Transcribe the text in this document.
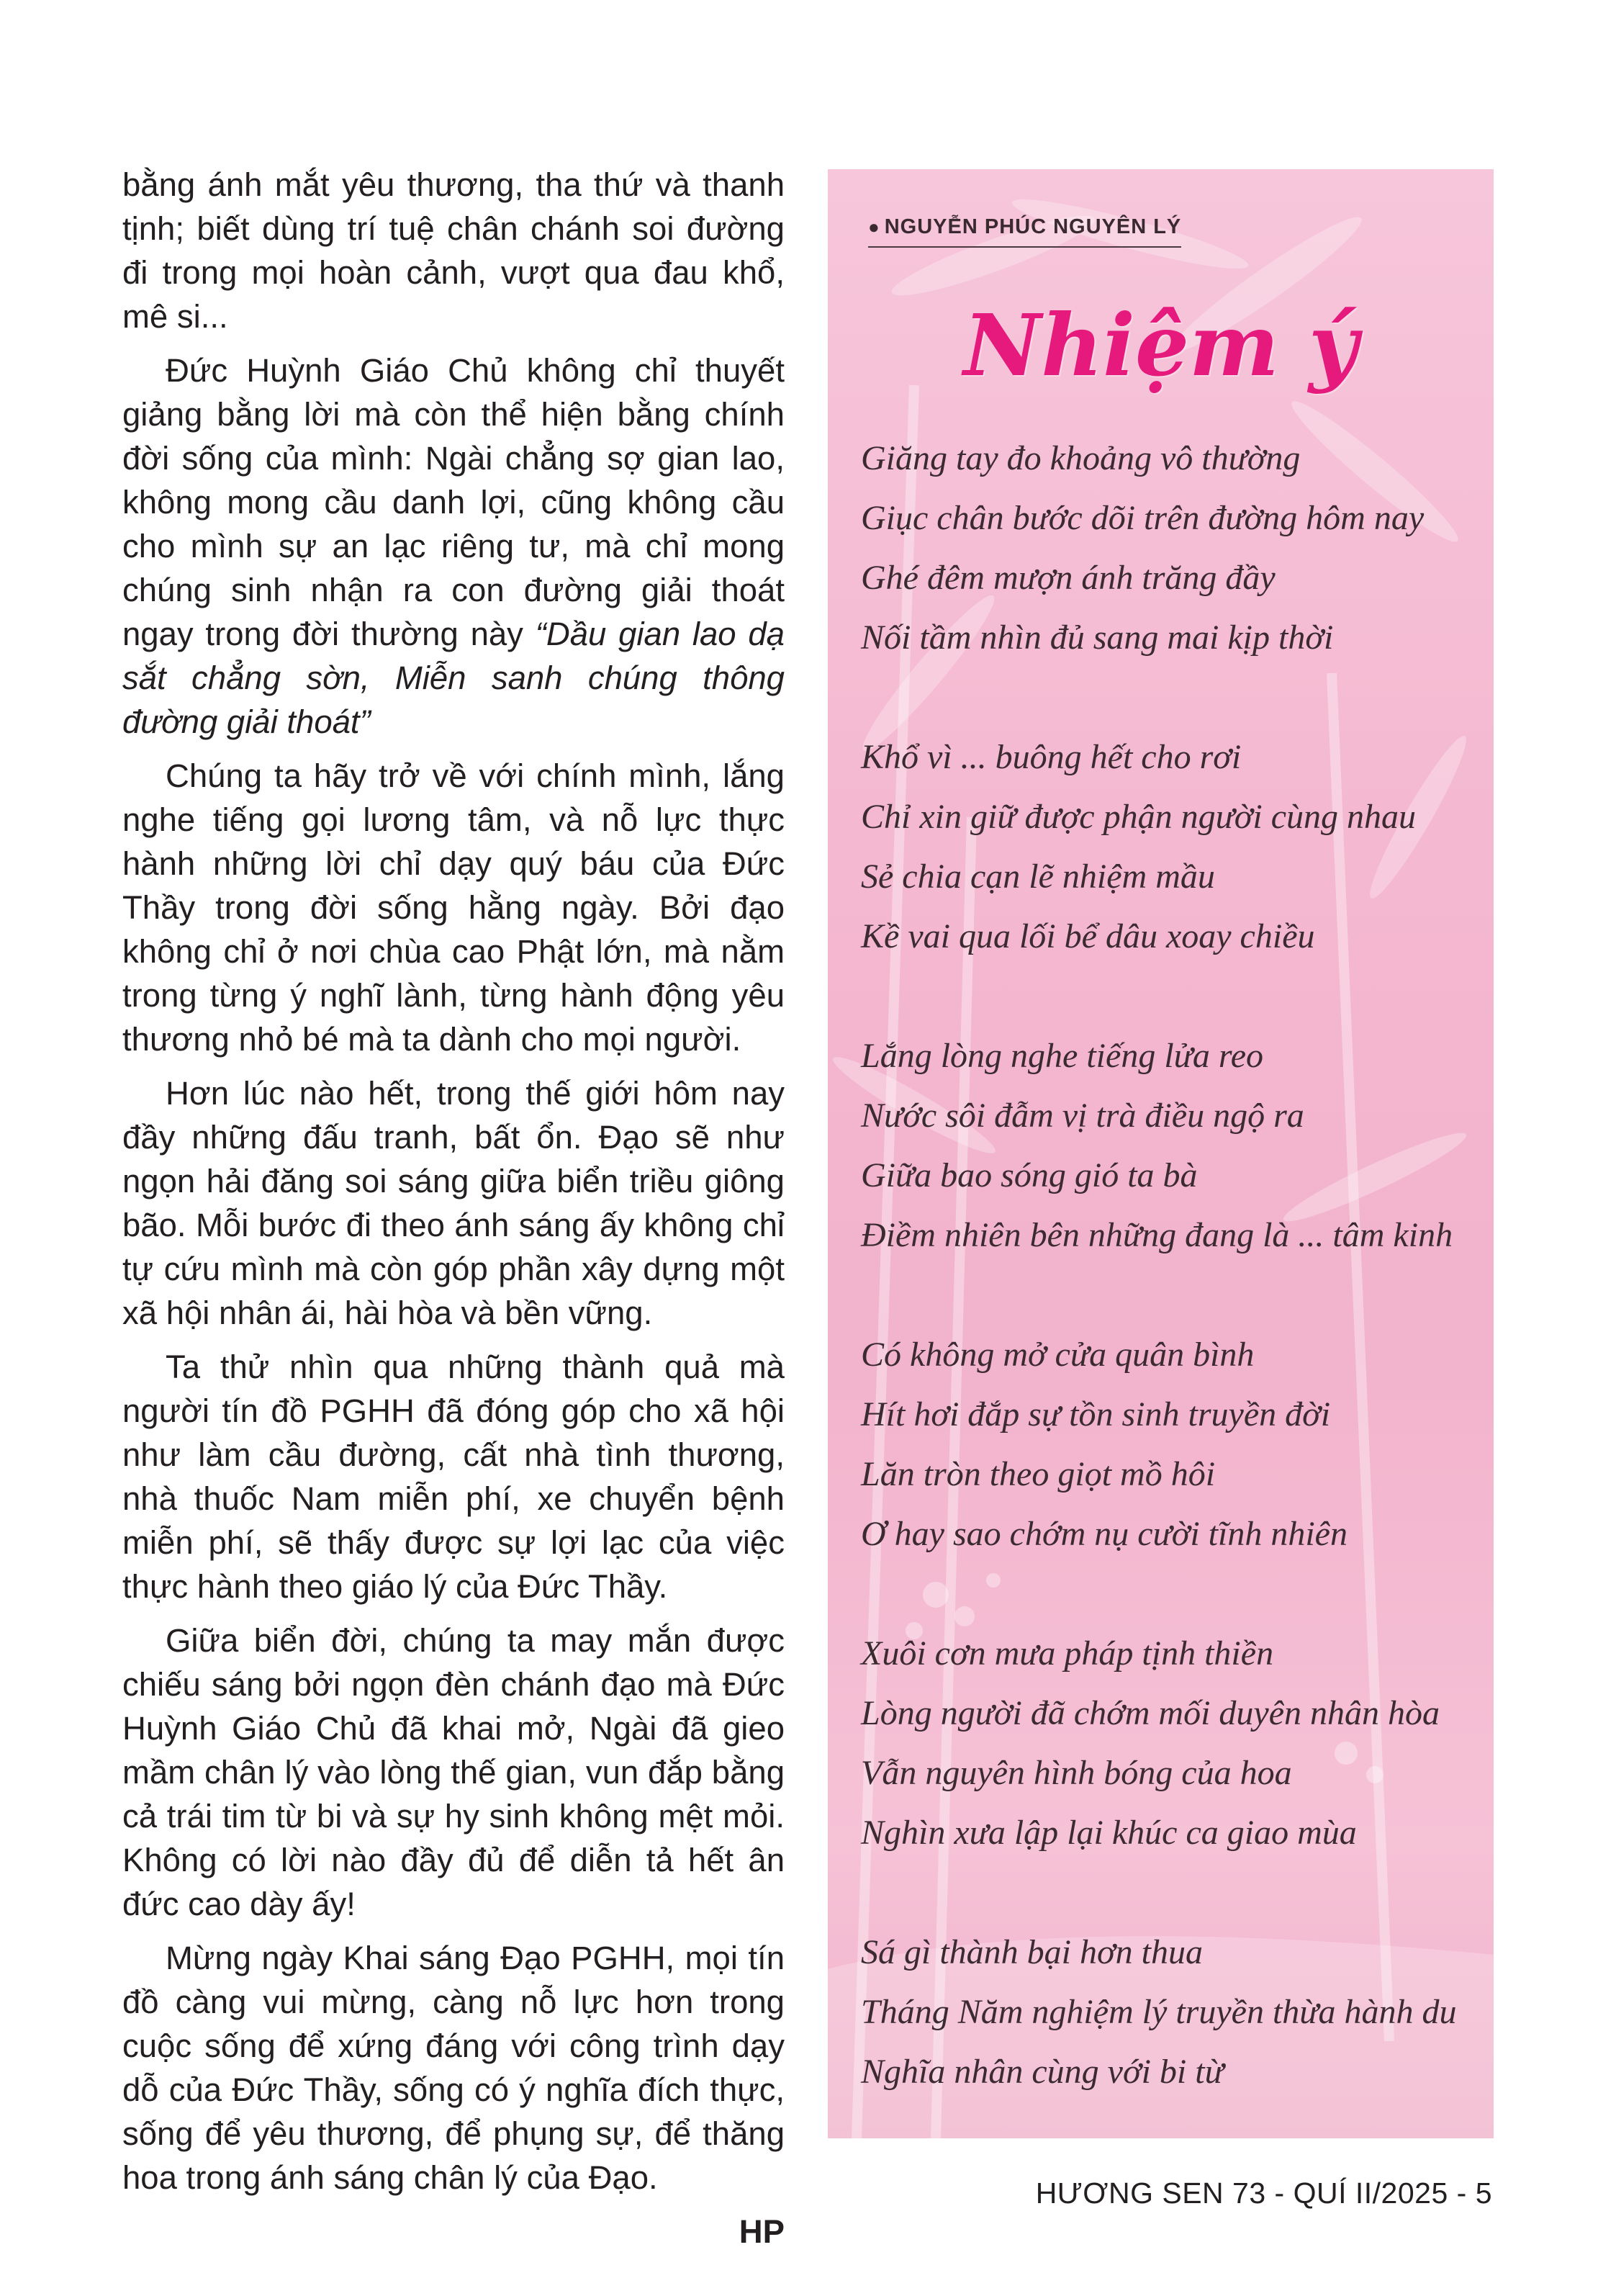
bằng ánh mắt yêu thương, tha thứ và thanh tịnh; biết dùng trí tuệ chân chánh soi đường đi trong mọi hoàn cảnh, vượt qua đau khổ, mê si...

Đức Huỳnh Giáo Chủ không chỉ thuyết giảng bằng lời mà còn thể hiện bằng chính đời sống của mình: Ngài chẳng sợ gian lao, không mong cầu danh lợi, cũng không cầu cho mình sự an lạc riêng tư, mà chỉ mong chúng sinh nhận ra con đường giải thoát ngay trong đời thường này “Dầu gian lao dạ sắt chẳng sờn, Miễn sanh chúng thông đường giải thoát”

Chúng ta hãy trở về với chính mình, lắng nghe tiếng gọi lương tâm, và nỗ lực thực hành những lời chỉ dạy quý báu của Đức Thầy trong đời sống hằng ngày. Bởi đạo không chỉ ở nơi chùa cao Phật lớn, mà nằm trong từng ý nghĩ lành, từng hành động yêu thương nhỏ bé mà ta dành cho mọi người.

Hơn lúc nào hết, trong thế giới hôm nay đầy những đấu tranh, bất ổn. Đạo sẽ như ngọn hải đăng soi sáng giữa biển triều giông bão. Mỗi bước đi theo ánh sáng ấy không chỉ tự cứu mình mà còn góp phần xây dựng một xã hội nhân ái, hài hòa và bền vững.

Ta thử nhìn qua những thành quả mà người tín đồ PGHH đã đóng góp cho xã hội như làm cầu đường, cất nhà tình thương, nhà thuốc Nam miễn phí, xe chuyển bệnh miễn phí, sẽ thấy được sự lợi lạc của việc thực hành theo giáo lý của Đức Thầy.

Giữa biển đời, chúng ta may mắn được chiếu sáng bởi ngọn đèn chánh đạo mà Đức Huỳnh Giáo Chủ đã khai mở, Ngài đã gieo mầm chân lý vào lòng thế gian, vun đắp bằng cả trái tim từ bi và sự hy sinh không mệt mỏi. Không có lời nào đầy đủ để diễn tả hết ân đức cao dày ấy!

Mừng ngày Khai sáng Đạo PGHH, mọi tín đồ càng vui mừng, càng nỗ lực hơn trong cuộc sống để xứng đáng với công trình dạy dỗ của Đức Thầy, sống có ý nghĩa đích thực, sống để yêu thương, để phụng sự, để thăng hoa trong ánh sáng chân lý của Đạo.

HP
● NGUYỄN PHÚC NGUYÊN LÝ
Nhiệm ý
Giăng tay đo khoảng vô thường
Giục chân bước dõi trên đường hôm nay
Ghé đêm mượn ánh trăng đầy
Nối tầm nhìn đủ sang mai kịp thời
Khổ vì ... buông hết cho rơi
Chỉ xin giữ được phận người cùng nhau
Sẻ chia cạn lẽ nhiệm mầu
Kề vai qua lối bể dâu xoay chiều
Lắng lòng nghe tiếng lửa reo
Nước sôi đẫm vị trà điều ngộ ra
Giữa bao sóng gió ta bà
Điềm nhiên bên những đang là ... tâm kinh
Có không mở cửa quân bình
Hít hơi đắp sự tồn sinh truyền đời
Lăn tròn theo giọt mồ hôi
Ơ hay sao chớm nụ cười tĩnh nhiên
Xuôi cơn mưa pháp tịnh thiền
Lòng người đã chớm mối duyên nhân hòa
Vẫn nguyên hình bóng của hoa
Nghìn xưa lập lại khúc ca giao mùa
Sá gì thành bại hơn thua
Tháng Năm nghiệm lý truyền thừa hành du
Nghĩa nhân cùng với bi từ
HƯƠNG SEN 73 - QUÍ II/2025 - 5
